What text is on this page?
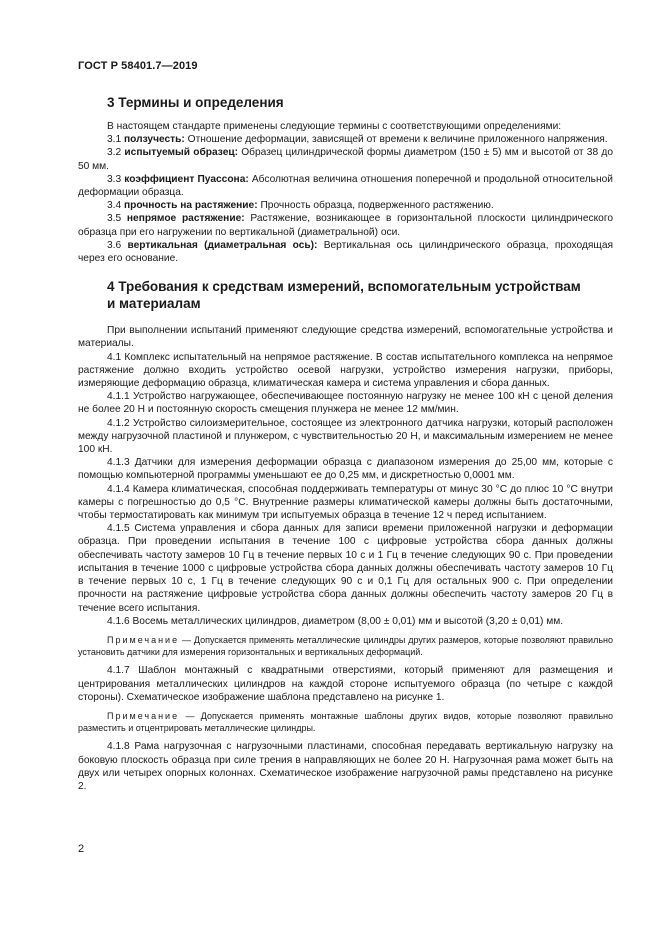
ГОСТ Р 58401.7—2019
3 Термины и определения

В настоящем стандарте применены следующие термины с соответствующими определениями:

3.1 ползучесть: Отношение деформации, зависящей от времени к величине приложенного напряжения.

3.2 испытуемый образец: Образец цилиндрической формы диаметром (150 ± 5) мм и высотой от 38 до 50 мм.

3.3 коэффициент Пуассона: Абсолютная величина отношения поперечной и продольной относительной деформации образца.

3.4 прочность на растяжение: Прочность образца, подверженного растяжению.

3.5 непрямое растяжение: Растяжение, возникающее в горизонтальной плоскости цилиндрического образца при его нагружении по вертикальной (диаметральной) оси.

3.6 вертикальная (диаметральная ось): Вертикальная ось цилиндрического образца, проходящая через его основание.

4 Требования к средствам измерений, вспомогательным устройствам
и материалам

При выполнении испытаний применяют следующие средства измерений, вспомогательные устройства и материалы.

4.1 Комплекс испытательный на непрямое растяжение. В состав испытательного комплекса на непрямое растяжение должно входить устройство осевой нагрузки, устройство измерения нагрузки, приборы, измеряющие деформацию образца, климатическая камера и система управления и сбора данных.

4.1.1 Устройство нагружающее, обеспечивающее постоянную нагрузку не менее 100 кН с ценой деления не более 20 Н и постоянную скорость смещения плунжера не менее 12 мм/мин.

4.1.2 Устройство силоизмерительное, состоящее из электронного датчика нагрузки, который расположен между нагрузочной пластиной и плунжером, с чувствительностью 20 Н, и максимальным измерением не менее 100 кН.

4.1.3 Датчики для измерения деформации образца с диапазоном измерения до 25,00 мм, которые с помощью компьютерной программы уменьшают ее до 0,25 мм, и дискретностью 0,0001 мм.

4.1.4 Камера климатическая, способная поддерживать температуры от минус 30 °С до плюс 10 °С внутри камеры с погрешностью до 0,5 °С. Внутренние размеры климатической камеры должны быть достаточными, чтобы термостатировать как минимум три испытуемых образца в течение 12 ч перед испытанием.

4.1.5 Система управления и сбора данных для записи времени приложенной нагрузки и деформации образца. При проведении испытания в течение 100 с цифровые устройства сбора данных должны обеспечивать частоту замеров 10 Гц в течение первых 10 с и 1 Гц в течение следующих 90 с. При проведении испытания в течение 1000 с цифровые устройства сбора данных должны обеспечивать частоту замеров 10 Гц в течение первых 10 с, 1 Гц в течение следующих 90 с и 0,1 Гц для остальных 900 с. При определении прочности на растяжение цифровые устройства сбора данных должны обеспечить частоту замеров 20 Гц в течение всего испытания.

4.1.6 Восемь металлических цилиндров, диаметром (8,00 ± 0,01) мм и высотой (3,20 ± 0,01) мм.

Примечание — Допускается применять металлические цилиндры других размеров, которые позволяют правильно установить датчики для измерения горизонтальных и вертикальных деформаций.

4.1.7 Шаблон монтажный с квадратными отверстиями, который применяют для размещения и центрирования металлических цилиндров на каждой стороне испытуемого образца (по четыре с каждой стороны). Схематическое изображение шаблона представлено на рисунке 1.

Примечание — Допускается применять монтажные шаблоны других видов, которые позволяют правильно разместить и отцентрировать металлические цилиндры.

4.1.8 Рама нагрузочная с нагрузочными пластинами, способная передавать вертикальную нагрузку на боковую плоскость образца при силе трения в направляющих не более 20 Н. Нагрузочная рама может быть на двух или четырех опорных колоннах. Схематическое изображение нагрузочной рамы представлено на рисунке 2.

2
